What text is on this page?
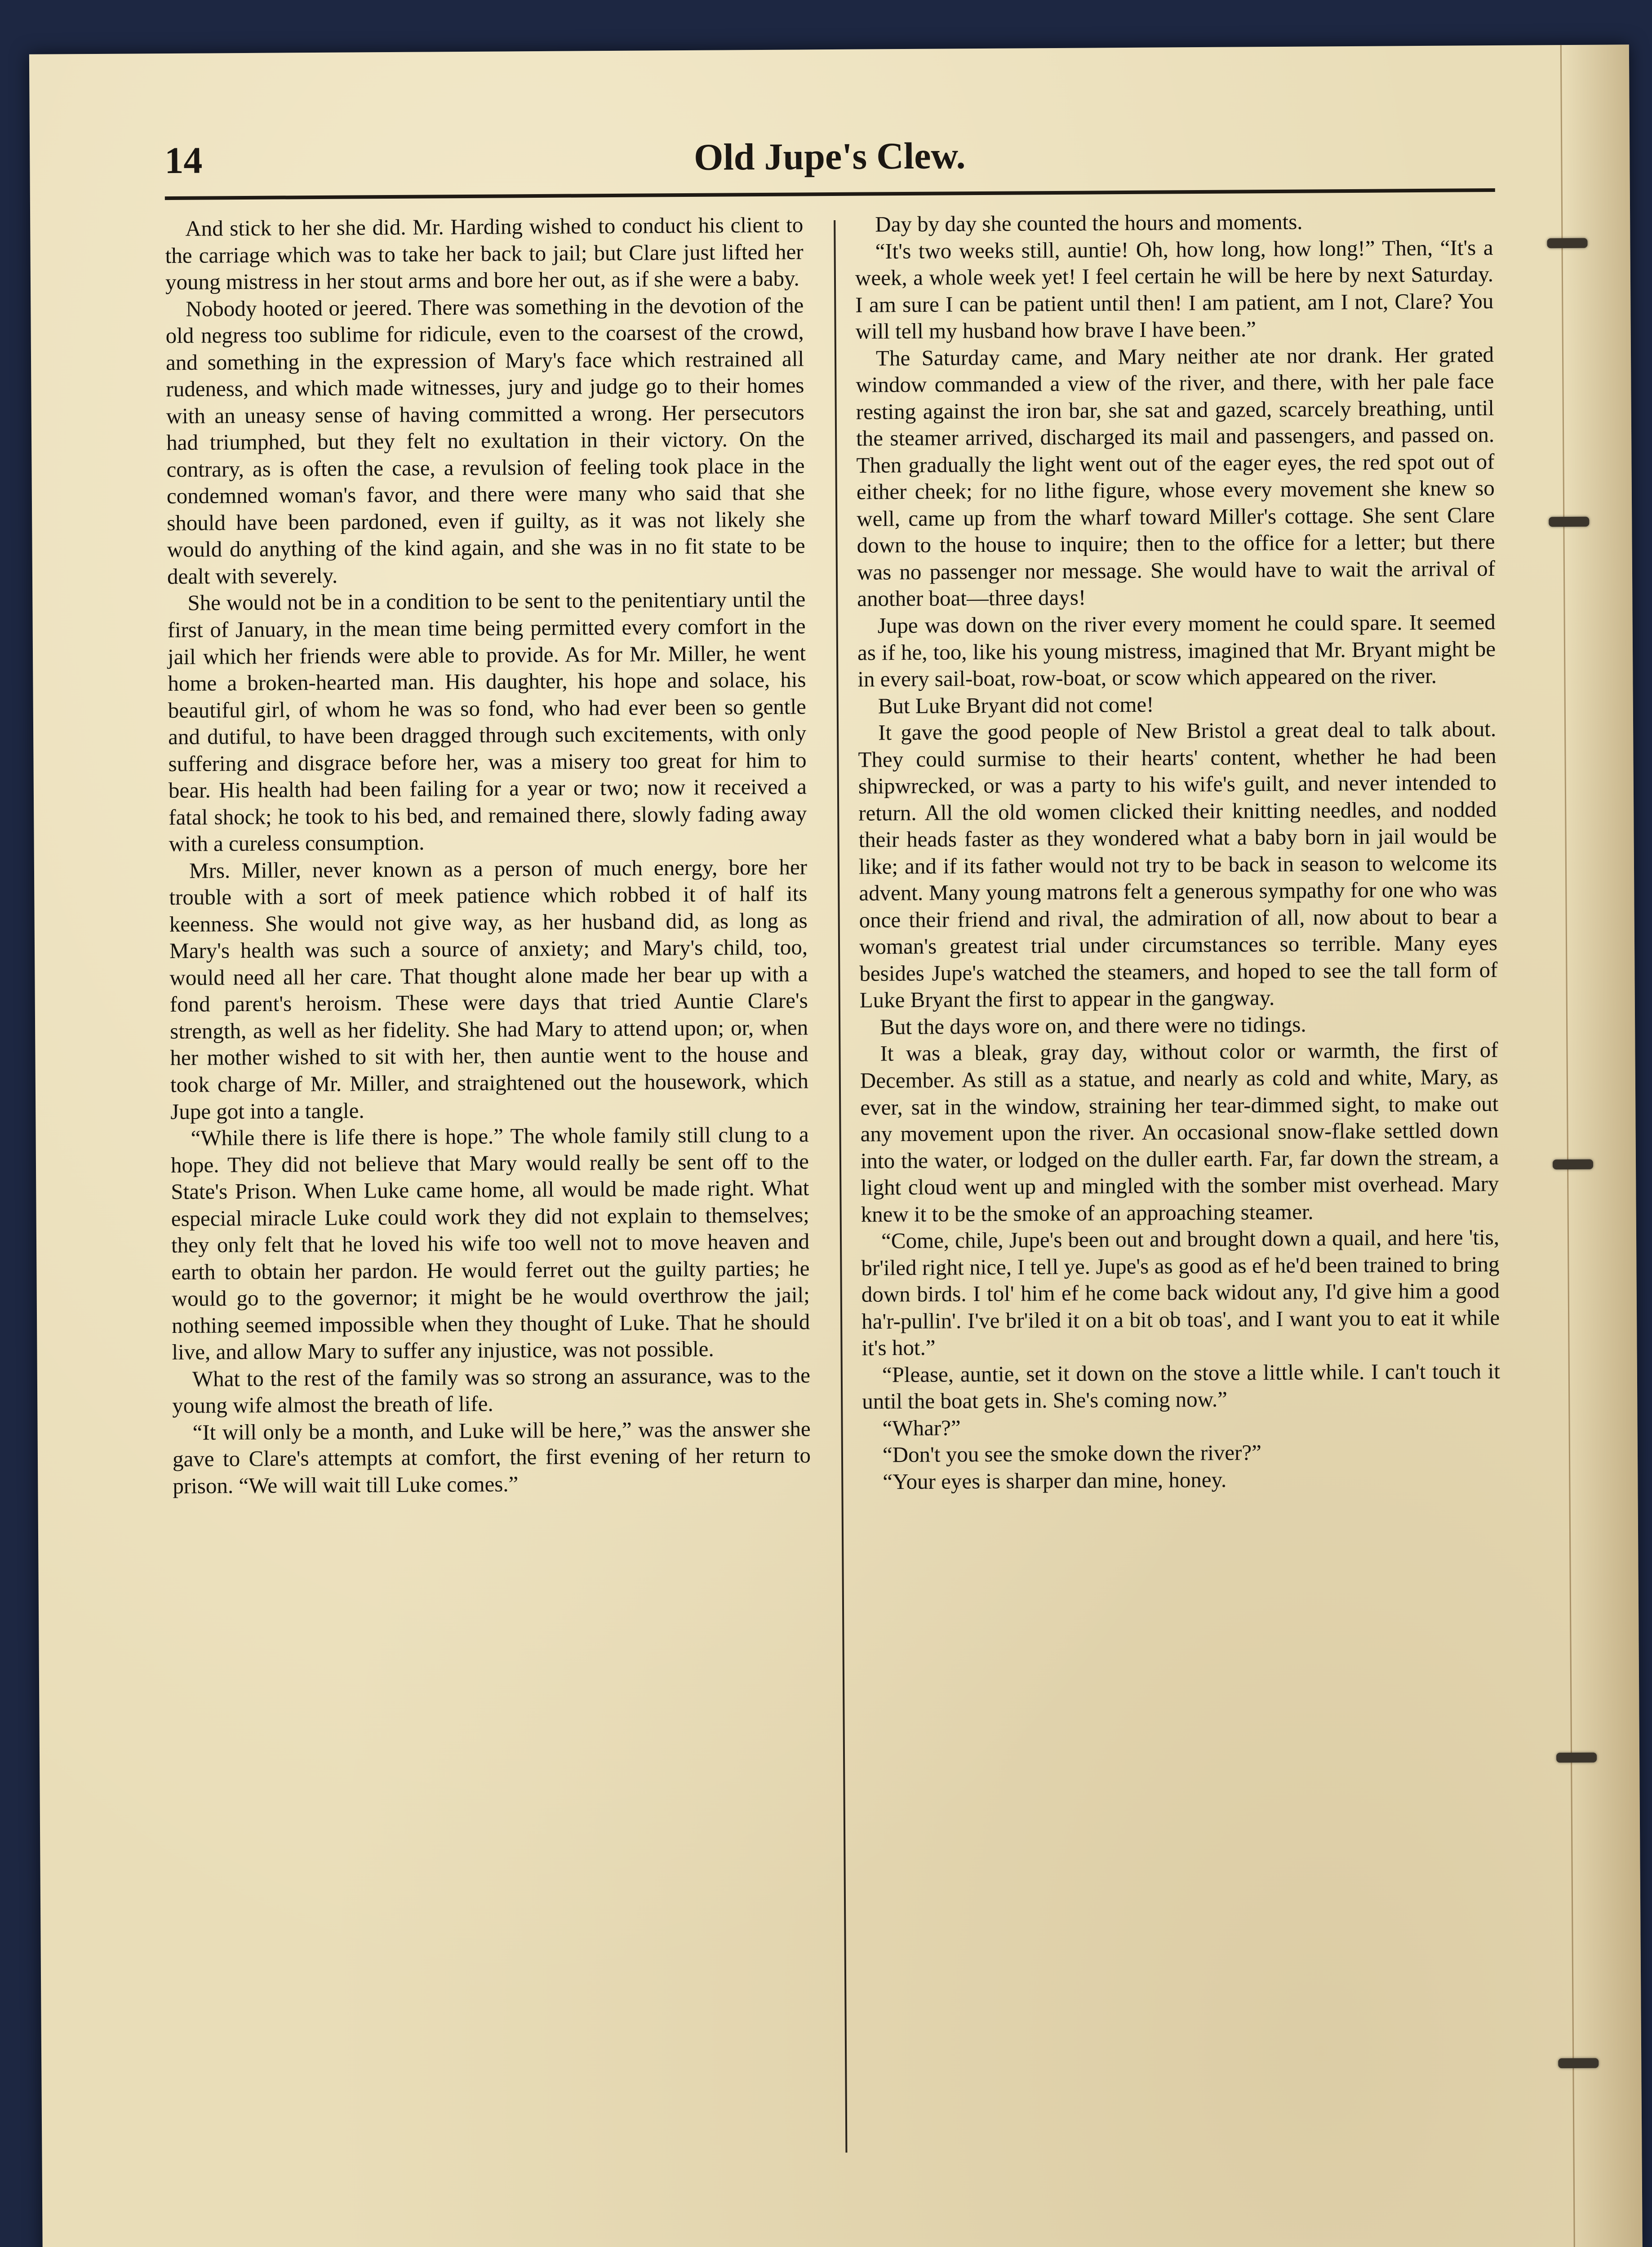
14	Old Jupe's Clew.

And stick to her she did. Mr. Harding wished to conduct his client to the carriage which was to take her back to jail; but Clare just lifted her young mistress in her stout arms and bore her out, as if she were a baby.

Nobody hooted or jeered. There was something in the devotion of the old negress too sublime for ridicule, even to the coarsest of the crowd, and something in the expression of Mary's face which restrained all rudeness, and which made witnesses, jury and judge go to their homes with an uneasy sense of having committed a wrong. Her persecutors had triumphed, but they felt no exultation in their victory. On the contrary, as is often the case, a revulsion of feeling took place in the condemned woman's favor, and there were many who said that she should have been pardoned, even if guilty, as it was not likely she would do anything of the kind again, and she was in no fit state to be dealt with severely.

She would not be in a condition to be sent to the penitentiary until the first of January, in the mean time being permitted every comfort in the jail which her friends were able to provide. As for Mr. Miller, he went home a broken-hearted man. His daughter, his hope and solace, his beautiful girl, of whom he was so fond, who had ever been so gentle and dutiful, to have been dragged through such excitements, with only suffering and disgrace before her, was a misery too great for him to bear. His health had been failing for a year or two; now it received a fatal shock; he took to his bed, and remained there, slowly fading away with a cureless consumption.

Mrs. Miller, never known as a person of much energy, bore her trouble with a sort of meek patience which robbed it of half its keenness. She would not give way, as her husband did, as long as Mary's health was such a source of anxiety; and Mary's child, too, would need all her care. That thought alone made her bear up with a fond parent's heroism. These were days that tried Auntie Clare's strength, as well as her fidelity. She had Mary to attend upon; or, when her mother wished to sit with her, then auntie went to the house and took charge of Mr. Miller, and straightened out the housework, which Jupe got into a tangle.

“While there is life there is hope.” The whole family still clung to a hope. They did not believe that Mary would really be sent off to the State's Prison. When Luke came home, all would be made right. What especial miracle Luke could work they did not explain to themselves; they only felt that he loved his wife too well not to move heaven and earth to obtain her pardon. He would ferret out the guilty parties; he would go to the governor; it might be he would overthrow the jail; nothing seemed impossible when they thought of Luke. That he should live, and allow Mary to suffer any injustice, was not possible.

What to the rest of the family was so strong an assurance, was to the young wife almost the breath of life.

“It will only be a month, and Luke will be here,” was the answer she gave to Clare's attempts at comfort, the first evening of her return to prison. “We will wait till Luke comes.”

Day by day she counted the hours and moments.

“It's two weeks still, auntie! Oh, how long, how long!” Then, “It's a week, a whole week yet! I feel certain he will be here by next Saturday. I am sure I can be patient until then! I am patient, am I not, Clare? You will tell my husband how brave I have been.”

The Saturday came, and Mary neither ate nor drank. Her grated window commanded a view of the river, and there, with her pale face resting against the iron bar, she sat and gazed, scarcely breathing, until the steamer arrived, discharged its mail and passengers, and passed on. Then gradually the light went out of the eager eyes, the red spot out of either cheek; for no lithe figure, whose every movement she knew so well, came up from the wharf toward Miller's cottage. She sent Clare down to the house to inquire; then to the office for a letter; but there was no passenger nor message. She would have to wait the arrival of another boat—three days!

Jupe was down on the river every moment he could spare. It seemed as if he, too, like his young mistress, imagined that Mr. Bryant might be in every sail-boat, row-boat, or scow which appeared on the river.

But Luke Bryant did not come!

It gave the good people of New Bristol a great deal to talk about. They could surmise to their hearts' content, whether he had been shipwrecked, or was a party to his wife's guilt, and never intended to return. All the old women clicked their knitting needles, and nodded their heads faster as they wondered what a baby born in jail would be like; and if its father would not try to be back in season to welcome its advent. Many young matrons felt a generous sympathy for one who was once their friend and rival, the admiration of all, now about to bear a woman's greatest trial under circumstances so terrible. Many eyes besides Jupe's watched the steamers, and hoped to see the tall form of Luke Bryant the first to appear in the gangway.

But the days wore on, and there were no tidings.

It was a bleak, gray day, without color or warmth, the first of December. As still as a statue, and nearly as cold and white, Mary, as ever, sat in the window, straining her tear-dimmed sight, to make out any movement upon the river. An occasional snow-flake settled down into the water, or lodged on the duller earth. Far, far down the stream, a light cloud went up and mingled with the somber mist overhead. Mary knew it to be the smoke of an approaching steamer.

“Come, chile, Jupe's been out and brought down a quail, and here 'tis, br'iled right nice, I tell ye. Jupe's as good as ef he'd been trained to bring down birds. I tol' him ef he come back widout any, I'd give him a good ha'r-pullin'. I've br'iled it on a bit ob toas', and I want you to eat it while it's hot.”

“Please, auntie, set it down on the stove a little while. I can't touch it until the boat gets in. She's coming now.”

“Whar?”

“Don't you see the smoke down the river?”

“Your eyes is sharper dan mine, honey.
